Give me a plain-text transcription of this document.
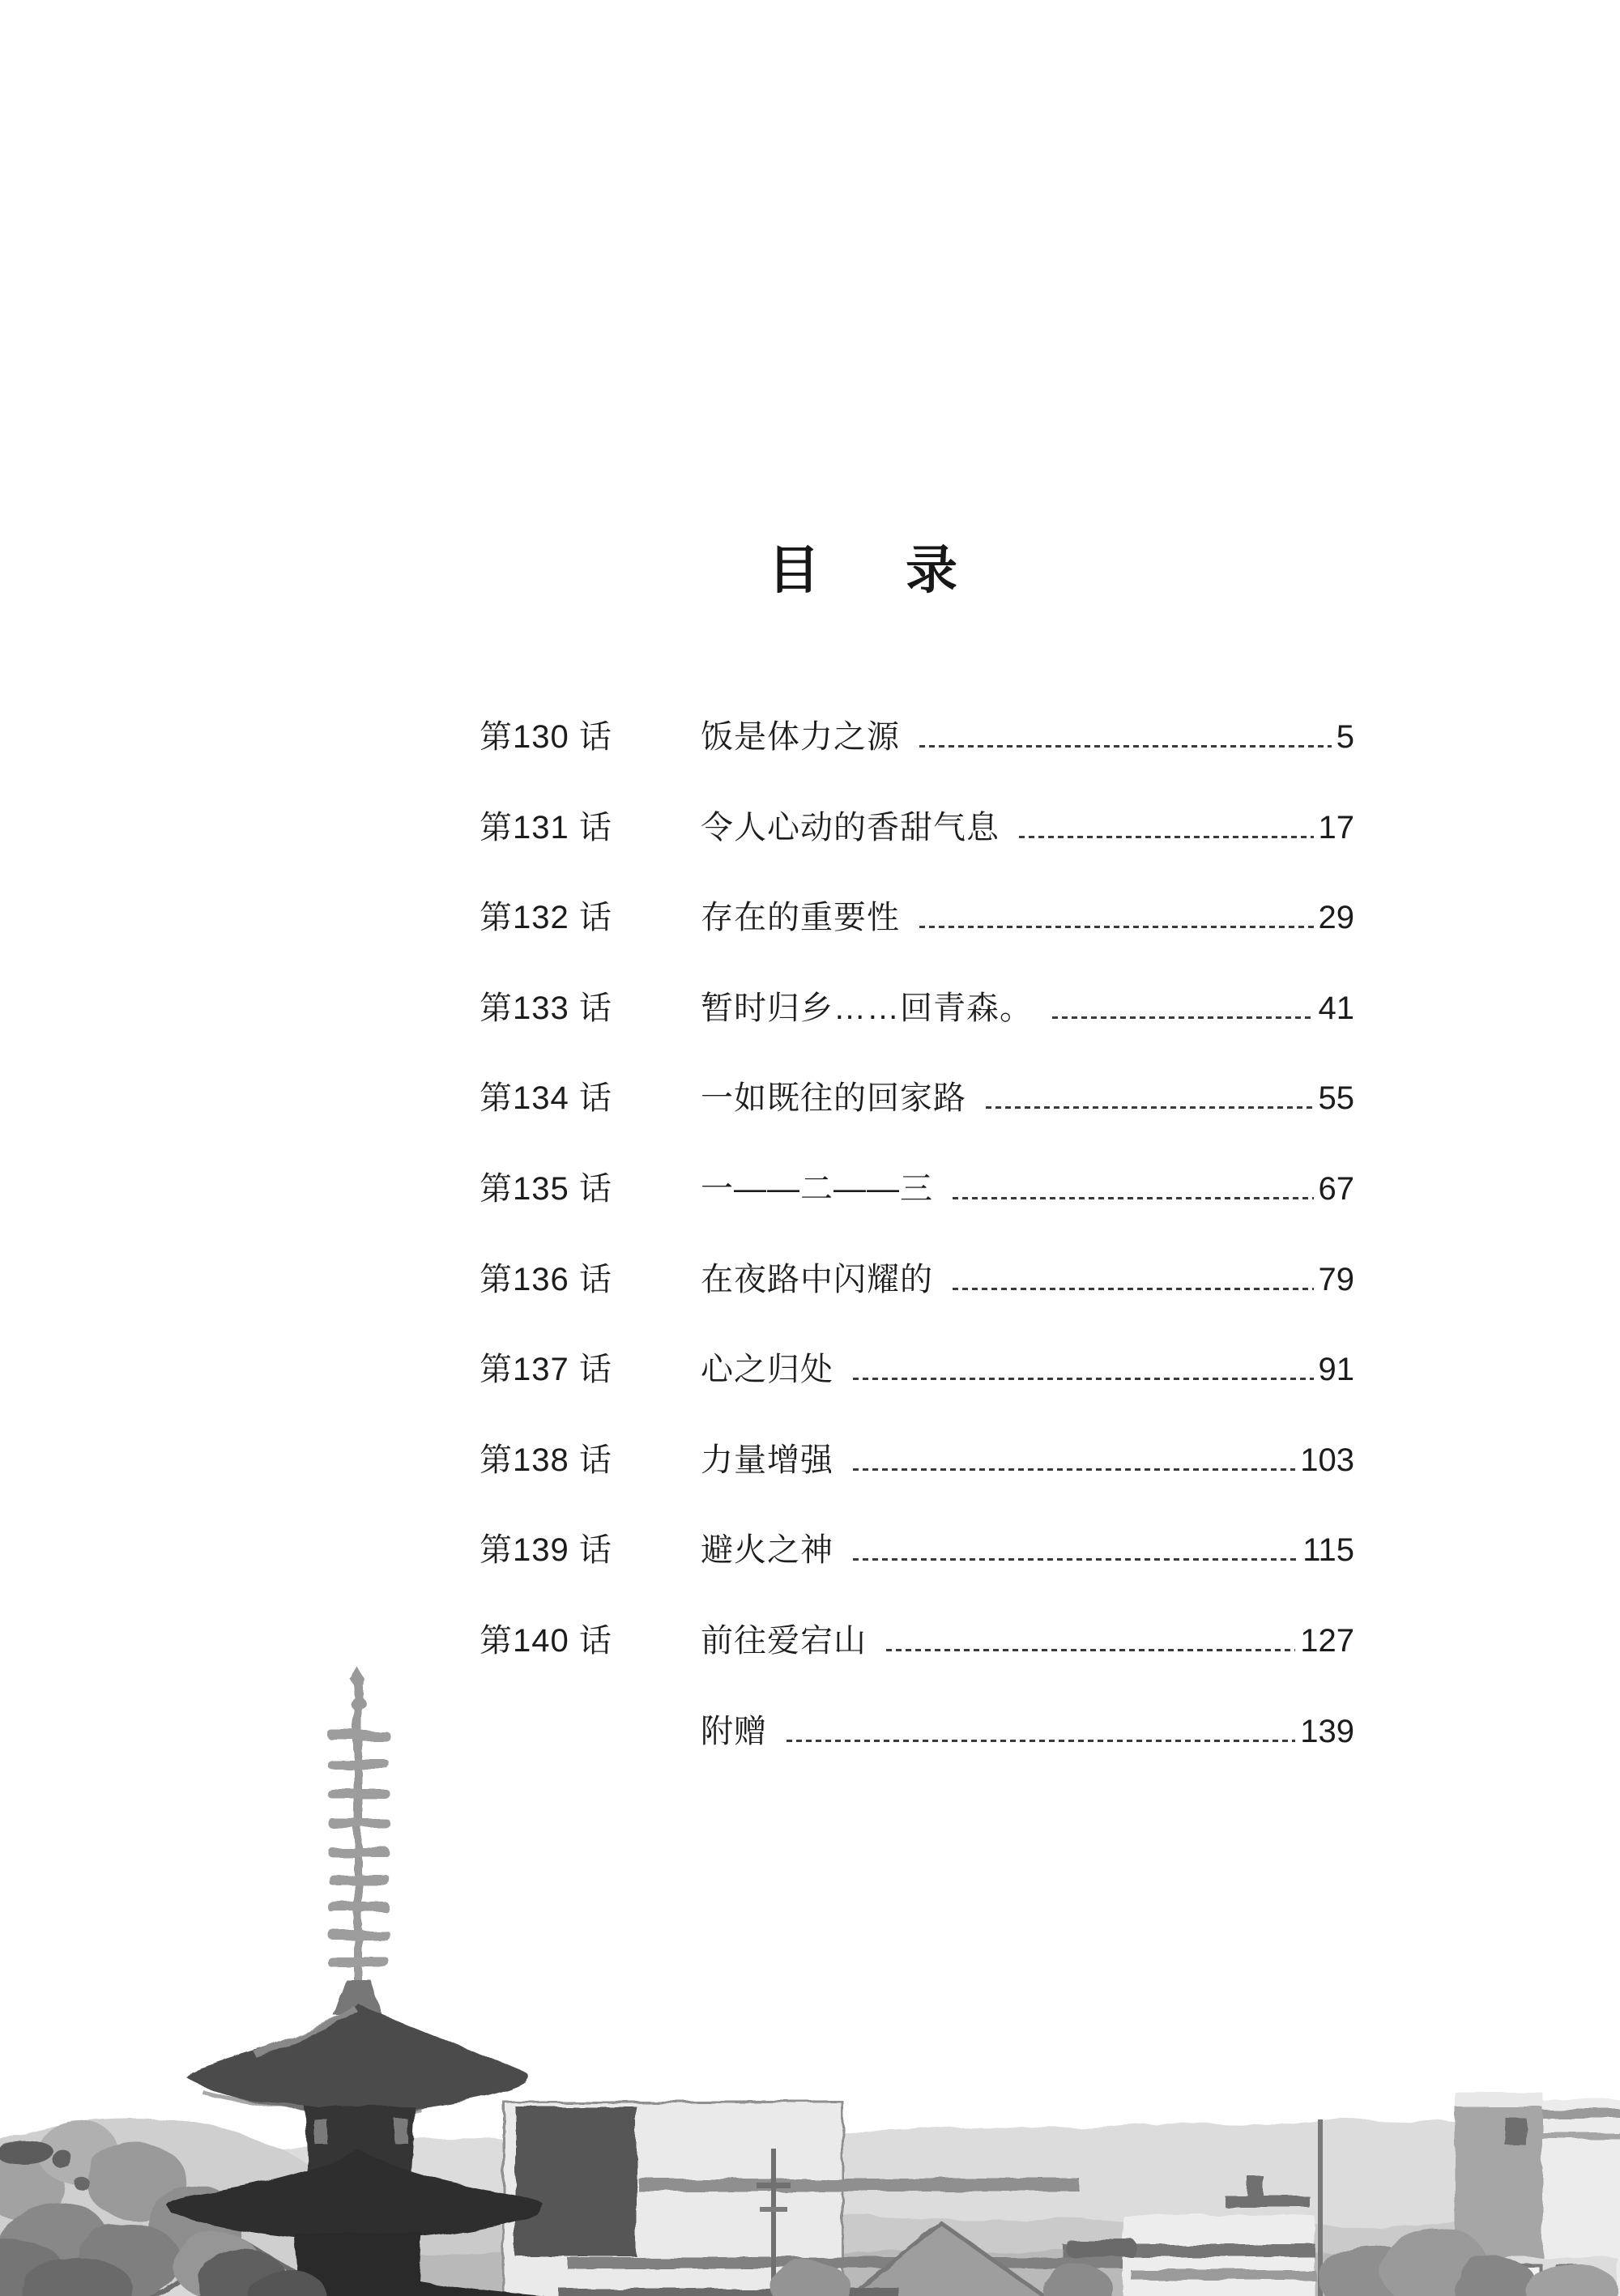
目 录
第130 话	饭是体力之源	5
第131 话	令人心动的香甜气息	17
第132 话	存在的重要性	29
第133 话	暂时归乡……回青森。	41
第134 话	一如既往的回家路	55
第135 话	一——二——三	67
第136 话	在夜路中闪耀的	79
第137 话	心之归处	91
第138 话	力量增强	103
第139 话	避火之神	115
第140 话	前往爱宕山	127
附赠	139
